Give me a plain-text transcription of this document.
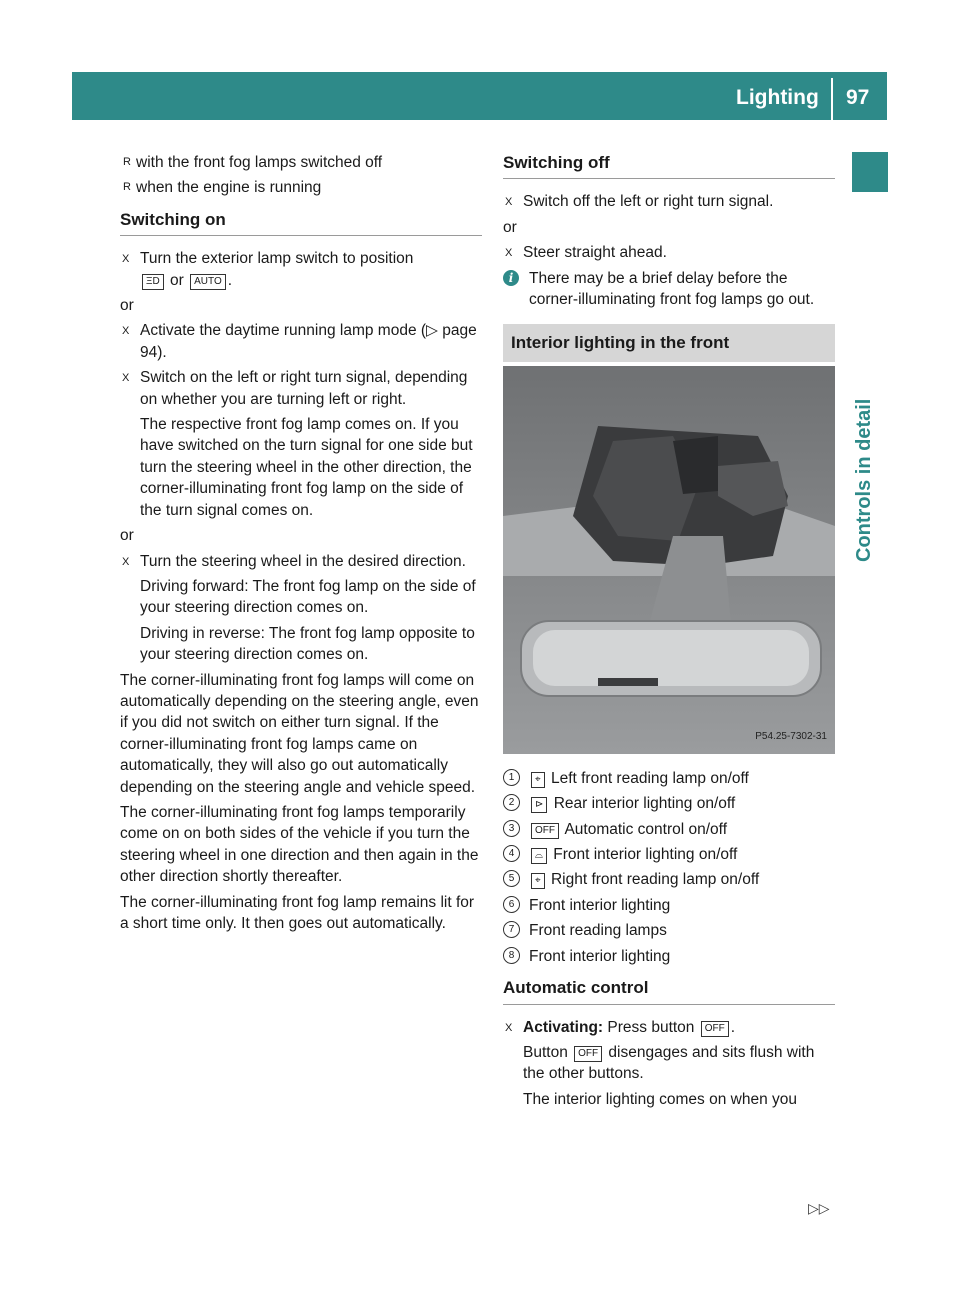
Lighting 97
Controls in detail
R with the front fog lamps switched off
R when the engine is running
Switching on
X Turn the exterior lamp switch to position
ΞD or AUTO .
or
X Activate the daytime running lamp mode (▷ page 94).
X Switch on the left or right turn signal, depending on whether you are turning left or right.
The respective front fog lamp comes on. If you have switched on the turn signal for one side but turn the steering wheel in the other direction, the corner-illuminating front fog lamp on the side of the turn signal comes on.
or
X Turn the steering wheel in the desired direction.
Driving forward: The front fog lamp on the side of your steering direction comes on.
Driving in reverse: The front fog lamp opposite to your steering direction comes on.
The corner-illuminating front fog lamps will come on automatically depending on the steering angle, even if you did not switch on either turn signal. If the corner-illuminating front fog lamps came on automatically, they will also go out automatically depending on the steering angle and vehicle speed.
The corner-illuminating front fog lamps temporarily come on on both sides of the vehicle if you turn the steering wheel in one direction and then again in the other direction shortly thereafter.
The corner-illuminating front fog lamp remains lit for a short time only. It then goes out automatically.
Switching off
X Switch off the left or right turn signal.
or
X Steer straight ahead.
i	There may be a brief delay before the corner-illuminating front fog lamps go out.
Interior lighting in the front
P54.25-7302-31
1	⌖ Left front reading lamp on/off
2	⊳ Rear interior lighting on/off
3	OFF Automatic control on/off
4	⌓ Front interior lighting on/off
5	⌖ Right front reading lamp on/off
6 Front interior lighting
7 Front reading lamps
8 Front interior lighting
Automatic control
X Activating: Press button OFF .
Button OFF disengages and sits flush with the other buttons.
The interior lighting comes on when you
▷▷
